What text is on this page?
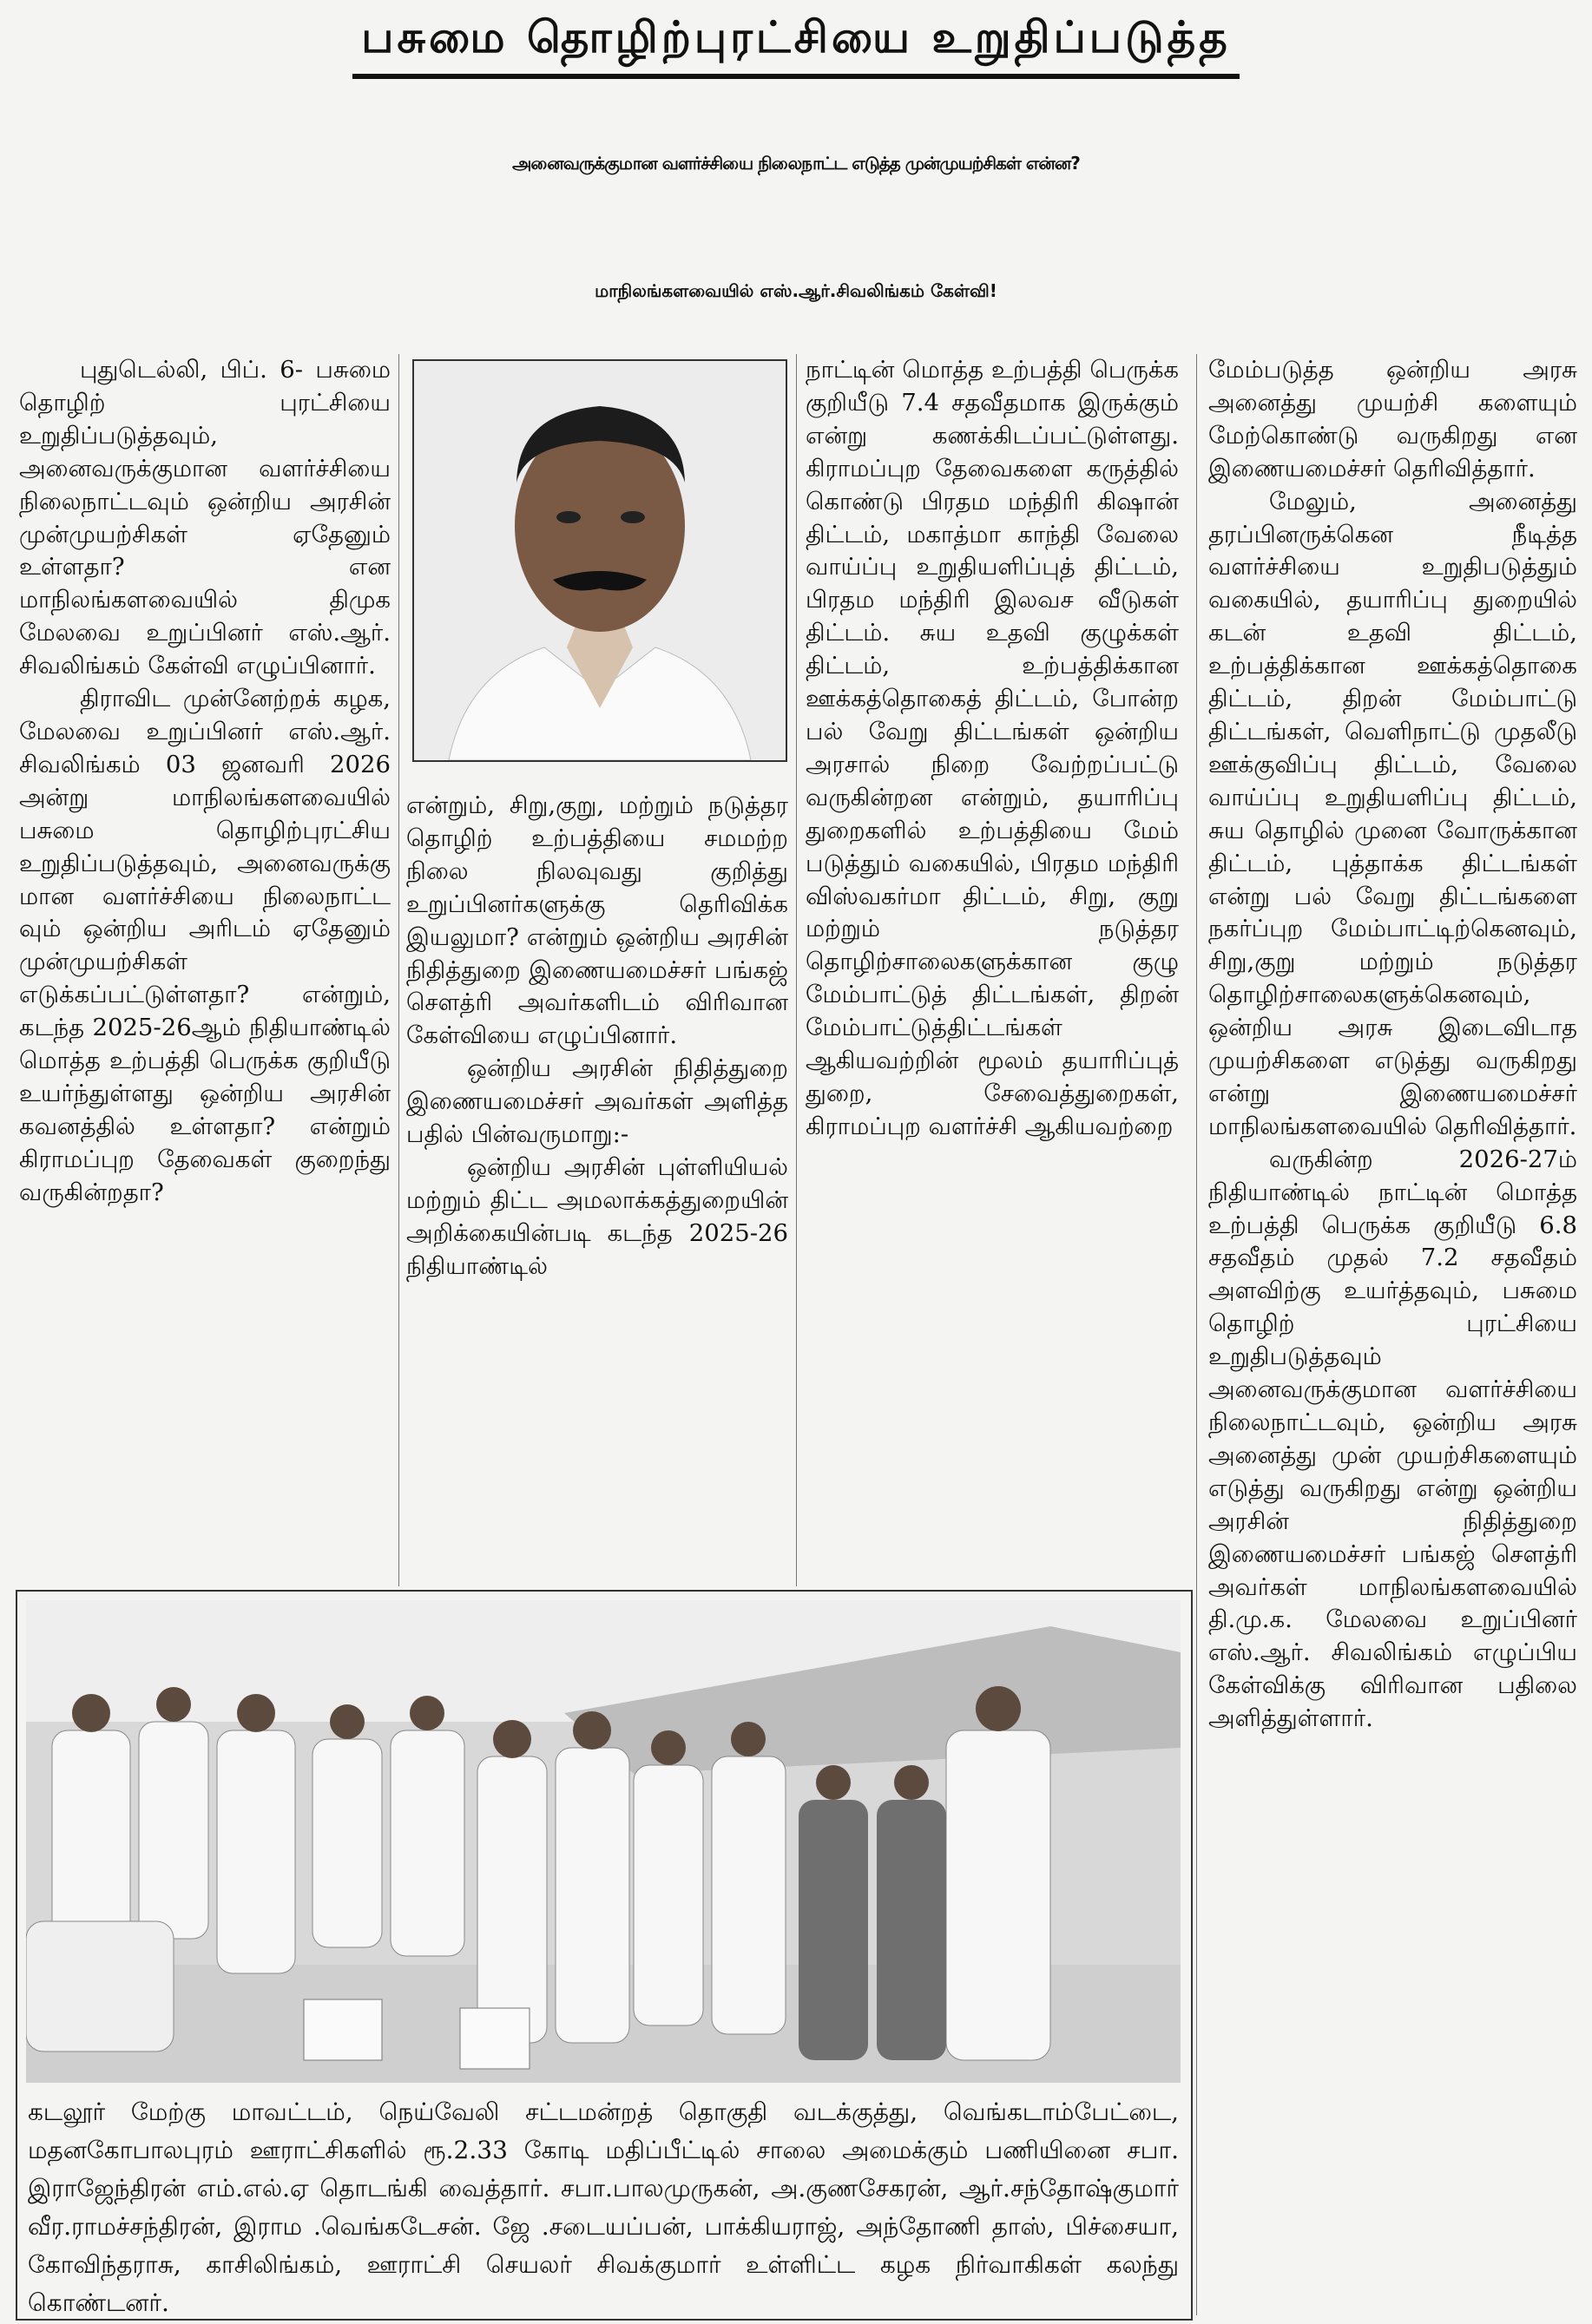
பசுமை தொழிற்புரட்சியை உறுதிப்படுத்த
அனைவருக்குமான வளர்ச்சியை நிலைநாட்ட எடுத்த முன்முயற்சிகள் என்ன?
மாநிலங்களவையில் எஸ்.ஆர்.சிவலிங்கம் கேள்வி!

புதுடெல்லி, பிப். 6- பசுமை தொழிற் புரட்சியை உறுதிப்படுத்தவும், அனைவருக்குமான வளர்ச்சியை நிலைநாட்டவும் ஒன்றிய அரசின் முன்முயற்சிகள் ஏதேனும் உள்ளதா? என மாநிலங்களவையில் திமுக மேலவை உறுப்பினர் எஸ்.ஆர். சிவலிங்கம் கேள்வி எழுப்பினார்.

திராவிட முன்னேற்றக் கழக, மேலவை உறுப்பினர் எஸ்.ஆர். சிவலிங்கம் 03 ஜனவரி 2026 அன்று மாநிலங்களவையில் பசுமை தொழிற்புரட்சிய உறுதிப்படுத்தவும், அனைவருக்கு மான வளர்ச்சியை நிலைநாட்ட வும் ஒன்றிய அரிடம் ஏதேனும் முன்முயற்சிகள் எடுக்கப்பட்டுள்ளதா? என்றும், கடந்த 2025-26ஆம் நிதியாண்டில் மொத்த உற்பத்தி பெருக்க குறியீடு உயர்ந்துள்ளது ஒன்றிய அரசின் கவனத்தில் உள்ளதா? என்றும் கிராமப்புற தேவைகள் குறைந்து வருகின்றதா?

என்றும், சிறு,குறு, மற்றும் நடுத்தர தொழிற் உற்பத்தியை சமமற்ற நிலை நிலவுவது குறித்து உறுப்பினர்களுக்கு தெரிவிக்க இயலுமா? என்றும் ஒன்றிய அரசின் நிதித்துறை இணையமைச்சர் பங்கஜ் சௌத்ரி அவர்களிடம் விரிவான கேள்வியை எழுப்பினார்.

ஒன்றிய அரசின் நிதித்துறை இணையமைச்சர் அவர்கள் அளித்த பதில் பின்வருமாறு:-

ஒன்றிய அரசின் புள்ளியியல் மற்றும் திட்ட அமலாக்கத்துறையின் அறிக்கையின்படி கடந்த 2025-26 நிதியாண்டில்

நாட்டின் மொத்த உற்பத்தி பெருக்க குறியீடு 7.4 சதவீதமாக இருக்கும் என்று கணக்கிடப்பட்டுள்ளது. கிராமப்புற தேவைகளை கருத்தில் கொண்டு பிரதம மந்திரி கிஷான் திட்டம், மகாத்மா காந்தி வேலை வாய்ப்பு உறுதியளிப்புத் திட்டம், பிரதம மந்திரி இலவச வீடுகள் திட்டம். சுய உதவி குழுக்கள் திட்டம், உற்பத்திக்கான ஊக்கத்தொகைத் திட்டம், போன்ற பல் வேறு திட்டங்கள் ஒன்றிய அரசால் நிறை வேற்றப்பட்டு வருகின்றன என்றும், தயாரிப்பு துறைகளில் உற்பத்தியை மேம் படுத்தும் வகையில், பிரதம மந்திரி விஸ்வகர்மா திட்டம், சிறு, குறு மற்றும் நடுத்தர தொழிற்சாலைகளுக்கான குழு மேம்பாட்டுத் திட்டங்கள், திறன் மேம்பாட்டுத்திட்டங்கள் ஆகியவற்றின் மூலம் தயாரிப்புத் துறை, சேவைத்துறைகள், கிராமப்புற வளர்ச்சி ஆகியவற்றை

மேம்படுத்த ஒன்றிய அரசு அனைத்து முயற்சி களையும் மேற்கொண்டு வருகிறது என இணையமைச்சர் தெரிவித்தார்.

மேலும், அனைத்து தரப்பினருக்கென நீடித்த வளர்ச்சியை உறுதிபடுத்தும் வகையில், தயாரிப்பு துறையில் கடன் உதவி திட்டம், உற்பத்திக்கான ஊக்கத்தொகை திட்டம், திறன் மேம்பாட்டு திட்டங்கள், வெளிநாட்டு முதலீடு ஊக்குவிப்பு திட்டம், வேலை வாய்ப்பு உறுதியளிப்பு திட்டம், சுய தொழில் முனை வோருக்கான திட்டம், புத்தாக்க திட்டங்கள் என்று பல் வேறு திட்டங்களை நகர்ப்புற மேம்பாட்டிற்கெனவும், சிறு,குறு மற்றும் நடுத்தர தொழிற்சாலைகளுக்கெனவும், ஒன்றிய அரசு இடைவிடாத முயற்சிகளை எடுத்து வருகிறது என்று இணையமைச்சர் மாநிலங்களவையில் தெரிவித்தார்.

வருகின்ற 2026-27ம் நிதியாண்டில் நாட்டின் மொத்த உற்பத்தி பெருக்க குறியீடு 6.8 சதவீதம் முதல் 7.2 சதவீதம் அளவிற்கு உயர்த்தவும், பசுமை தொழிற் புரட்சியை உறுதிபடுத்தவும் அனைவருக்குமான வளர்ச்சியை நிலைநாட்டவும், ஒன்றிய அரசு அனைத்து முன் முயற்சிகளையும் எடுத்து வருகிறது என்று ஒன்றிய அரசின் நிதித்துறை இணையமைச்சர் பங்கஜ் சௌத்ரி அவர்கள் மாநிலங்களவையில் தி.மு.க. மேலவை உறுப்பினர் எஸ்.ஆர். சிவலிங்கம் எழுப்பிய கேள்விக்கு விரிவான பதிலை அளித்துள்ளார்.

கடலூர் மேற்கு மாவட்டம், நெய்வேலி சட்டமன்றத் தொகுதி வடக்குத்து, வெங்கடாம்பேட்டை, மதனகோபாலபுரம் ஊராட்சிகளில் ரூ.2.33 கோடி மதிப்பீட்டில் சாலை அமைக்கும் பணியினை சபா. இராஜேந்திரன் எம்.எல்.ஏ தொடங்கி வைத்தார். சபா.பாலமுருகன், அ.குணசேகரன், ஆர்.சந்தோஷ்குமார் வீர.ராமச்சந்திரன், இராம .வெங்கடேசன். ஜே .சடையப்பன், பாக்கியராஜ், அந்தோணி தாஸ், பிச்சையா, கோவிந்தராசு, காசிலிங்கம், ஊராட்சி செயலர் சிவக்குமார் உள்ளிட்ட கழக நிர்வாகிகள் கலந்து கொண்டனர்.
